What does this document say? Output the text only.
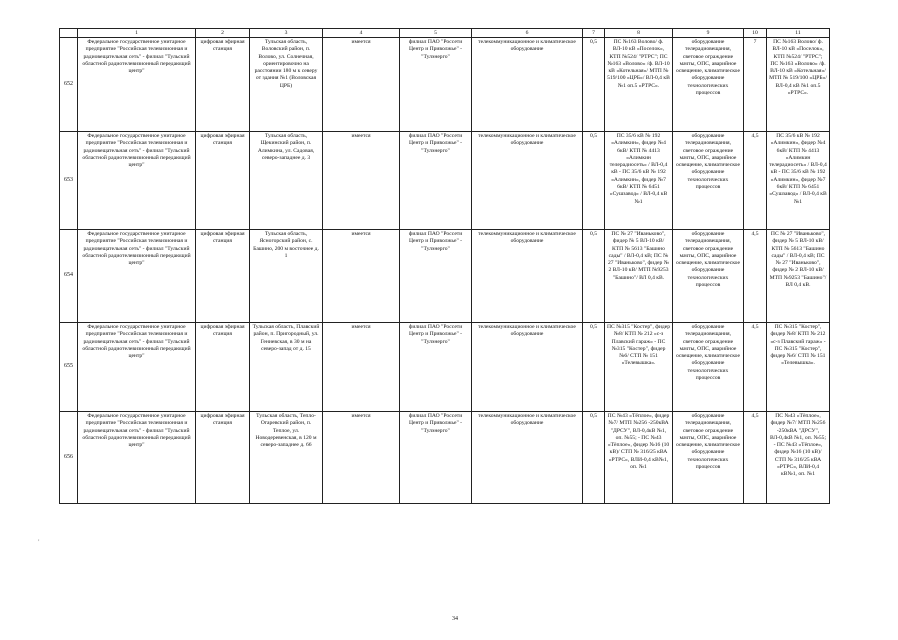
	1	2	3	4	5	6	7	8	9	10	11
652	Федеральное государственное унитарное предприятие "Российская телевизионная и радиовещательная сеть" - филиал "Тульский областной радиотелевизионный передающий центр"	цифровая эфирная станция	Тульская область, Воловский район, п. Волово, ул. Солнечная, ориентировочно на расстоянии 180 м к северу от здания №1 (Воловская ЦРБ)	имеется	филиал ПАО "Россети Центр и Приволжье" - "Тулэнерго"	телекоммуникационное и климатическое оборудование	0,5	ПС №163 Волово/ ф. ВЛ-10 кВ «Поселок», КТП №524/ "РТРС"; ПС №163 «Волово» /ф. ВЛ-10 кВ «Котельная»/ МТП № 519/100 «ЦРБ»/ ВЛ-0,4 кВ №1 оп.5 «РТРС».	оборудование телерадиовещания, световое ограждение мачты, ОПС, аварийное освещение, климатическое оборудование технологических процессов	7	ПС №163 Волово/ ф. ВЛ-10 кВ «Поселок», КТП №524/ "РТРС"; ПС №163 «Волово» /ф. ВЛ-10 кВ «Котельная»/ МТП № 519/100 «ЦРБ»/ ВЛ-0,4 кВ №1 оп.5 «РТРС».
653	Федеральное государственное унитарное предприятие "Российская телевизионная и радиовещательная сеть" - филиал "Тульский областной радиотелевизионный передающий центр"	цифровая эфирная станция	Тульская область, Щекинский район, п. Алимкина, ул. Садовая, северо-западнее д. 3	имеется	филиал ПАО "Россети Центр и Приволжье" - "Тулэнерго"	телекоммуникационное и климатическое оборудование	0,5	ПС 35/6 кВ № 192 «Алимкин», фидер №4 6кВ/ КТП № 4413 «Алимкин телерадиосеть» / ВЛ-0,4 кВ - ПС 35/6 кВ № 192 «Алимкин», фидер №7 6кВ/ КТП № 6451 «Сушзавод» / ВЛ-0,4 кВ №1	оборудование телерадиовещания, световое ограждение мачты, ОПС, аварийное освещение, климатическое оборудование технологических процессов	4,5	ПС 35/6 кВ № 192 «Алимкин», фидер №4 6кВ/ КТП № 4413 «Алимкин телерадиосеть» / ВЛ-0,4 кВ - ПС 35/6 кВ № 192 «Алимкин», фидер №7 6кВ/ КТП № 6451 «Сушзавод» / ВЛ-0,4 кВ №1
654	Федеральное государственное унитарное предприятие "Российская телевизионная и радиовещательная сеть" - филиал "Тульский областной радиотелевизионный передающий центр"	цифровая эфирная станция	Тульская область, Ясногорский район, с. Башино, 200 м восточнее д. 1	имеется	филиал ПАО "Россети Центр и Приволжье" - "Тулэнерго"	телекоммуникационное и климатическое оборудование	0,5	ПС № 27 "Иваньково", фидер № 5 ВЛ-10 кВ/ КТП № 5613 "Башино сады" / ВЛ-0,4 кВ; ПС № 27 "Иваньково", фидер № 2 ВЛ-10 кВ/ МТП №9253 "Башино"/ ВЛ 0,4 кВ.	оборудование телерадиовещания, световое ограждение мачты, ОПС, аварийное освещение, климатическое оборудование технологических процессов	4,5	ПС № 27 "Иваньково", фидер № 5 ВЛ-10 кВ/ КТП № 5613 "Башино сады" / ВЛ-0,4 кВ; ПС № 27 "Иваньково", фидер № 2 ВЛ-10 кВ/ МТП №9253 "Башино"/ ВЛ 0,4 кВ.
655	Федеральное государственное унитарное предприятие "Российская телевизионная и радиовещательная сеть" - филиал "Тульский областной радиотелевизионный передающий центр"	цифровая эфирная станция	Тульская область, Плавский район, п. Пригородный, ул. Гениевская, в 30 м на северо-запад от д. 15	имеется	филиал ПАО "Россети Центр и Приволжье" - "Тулэнерго"	телекоммуникационное и климатическое оборудование	0,5	ПС №315 "Костер", фидер №8/ КТП № 212 «с-з Плавский гараж» - ПС №315 "Костер", фидер №6/ СТП № 151 «Телевышка».	оборудование телерадиовещания, световое ограждение мачты, ОПС, аварийное освещение, климатическое оборудование технологических процессов	4,5	ПС №315 "Костер", фидер №8/ КТП № 212 «с-з Плавский гараж» - ПС №315 "Костер", фидер №6/ СТП № 151 «Телевышка».
656	Федеральное государственное унитарное предприятие "Российская телевизионная и радиовещательная сеть" - филиал "Тульский областной радиотелевизионный передающий центр"	цифровая эфирная станция	Тульская область, Тепло-Огаревский район, п. Теплое, ул. Новодеревенская, в 120 м северо-западнее д. 66	имеется	филиал ПАО "Россети Центр и Приволжье" - "Тулэнерго"	телекоммуникационное и климатическое оборудование	0,5	ПС №43 «Тёплое», фидер №7/ МТП №256 -250кВА "ДРСУ", ВЛ-0,4кВ №1, оп. №55; - ПС №43 «Тёплое», фидер №16 (10 кВ)/ СТП № 316/25 кВА «РТРС», ВЛИ-0,4 кВ№1, оп. №1	оборудование телерадиовещания, световое ограждение мачты, ОПС, аварийное освещение, климатическое оборудование технологических процессов	4,5	ПС №43 «Тёплое», фидер №7/ МТП №256 -250кВА "ДРСУ", ВЛ-0,4кВ №1, оп. №55; - ПС №43 «Тёплое», фидер №16 (10 кВ)/ СТП № 316/25 кВА «РТРС», ВЛИ-0,4 кВ№1, оп. №1
,
34
